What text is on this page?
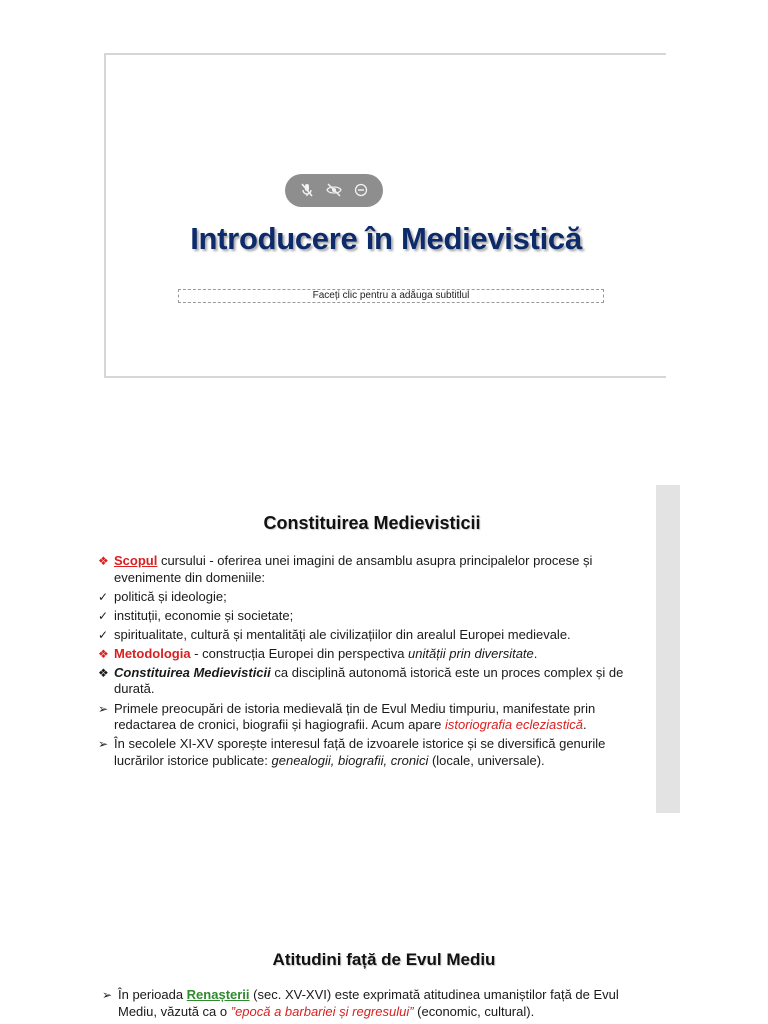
Introducere în Medievistică
Faceți clic pentru a adăuga subtitlul
Constituirea Medievisticii
❖ Scopul cursului - oferirea unei imagini de ansamblu asupra principalelor procese și evenimente din domeniile:
✓ politică și ideologie;
✓ instituții, economie și societate;
✓ spiritualitate, cultură și mentalități ale civilizațiilor din arealul Europei medievale.
❖ Metodologia - construcția Europei din perspectiva unității prin diversitate.
❖ Constituirea Medievisticii ca disciplină autonomă istorică este un proces complex și de durată.
➢ Primele preocupări de istoria medievală țin de Evul Mediu timpuriu, manifestate prin redactarea de cronici, biografii și hagiografii. Acum apare istoriografia ecleziastică.
➢ În secolele XI-XV sporește interesul față de izvoarele istorice și se diversifică genurile lucrărilor istorice publicate: genealogii, biografii, cronici (locale, universale).
Atitudini față de Evul Mediu
➢ În perioada Renașterii (sec. XV-XVI) este exprimată atitudinea umaniștilor față de Evul Mediu, văzută ca o ”epocă a barbariei și regresului” (economic, cultural).
